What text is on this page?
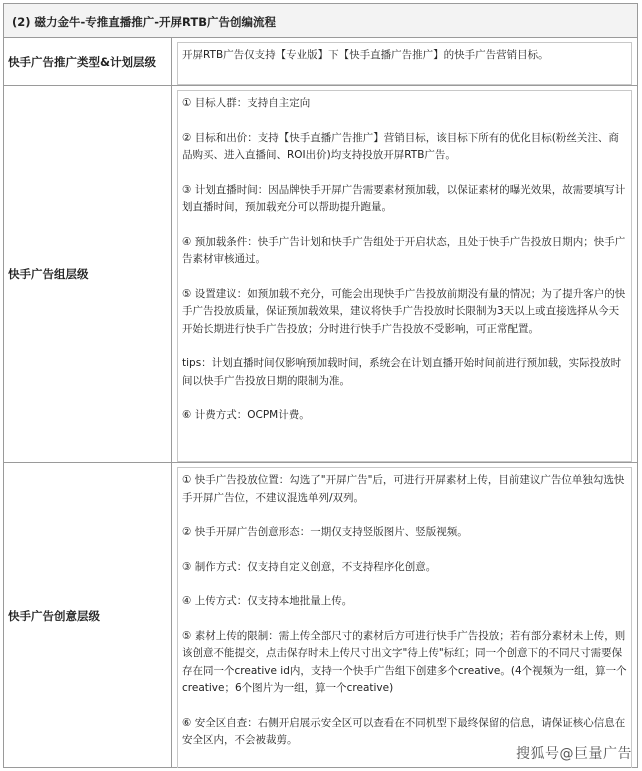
(2) 磁力金牛-专推直播推广-开屏RTB广告创编流程
快手广告推广类型&计划层级	开屏RTB广告仅支持【专业版】下【快手直播广告推广】的快手广告营销目标。

快手广告组层级

① 目标人群：支持自主定向

② 目标和出价：支持【快手直播广告推广】营销目标，该目标下所有的优化目标(粉丝关注、商品购买、进入直播间、ROI出价)均支持投放开屏RTB广告。

③ 计划直播时间：因品牌快手开屏广告需要素材预加载，以保证素材的曝光效果，故需要填写计划直播时间，预加载充分可以帮助提升跑量。

④ 预加载条件：快手广告计划和快手广告组处于开启状态，且处于快手广告投放日期内；快手广告素材审核通过。

⑤ 设置建议：如预加载不充分，可能会出现快手广告投放前期没有量的情况；为了提升客户的快手广告投放质量，保证预加载效果，建议将快手广告投放时长限制为3天以上或直接选择从今天开始长期进行快手广告投放；分时进行快手广告投放不受影响，可正常配置。

tips：计划直播时间仅影响预加载时间，系统会在计划直播开始时间前进行预加载，实际投放时间以快手广告投放日期的限制为准。

⑥ 计费方式：OCPM计费。

快手广告创意层级

① 快手广告投放位置：勾选了"开屏广告"后，可进行开屏素材上传，目前建议广告位单独勾选快手开屏广告位，不建议混选单列/双列。

② 快手开屏广告创意形态：一期仅支持竖版图片、竖版视频。

③ 制作方式：仅支持自定义创意，不支持程序化创意。

④ 上传方式：仅支持本地批量上传。

⑤ 素材上传的限制：需上传全部尺寸的素材后方可进行快手广告投放；若有部分素材未上传，则该创意不能提交，点击保存时未上传尺寸出文字"待上传"标红；同一个创意下的不同尺寸需要保存在同一个creative id内，支持一个快手广告组下创建多个creative。(4个视频为一组，算一个creative；6个图片为一组，算一个creative)

⑥ 安全区自查：右侧开启展示安全区可以查看在不同机型下最终保留的信息，请保证核心信息在安全区内，不会被裁剪。

搜狐号@巨量广告
